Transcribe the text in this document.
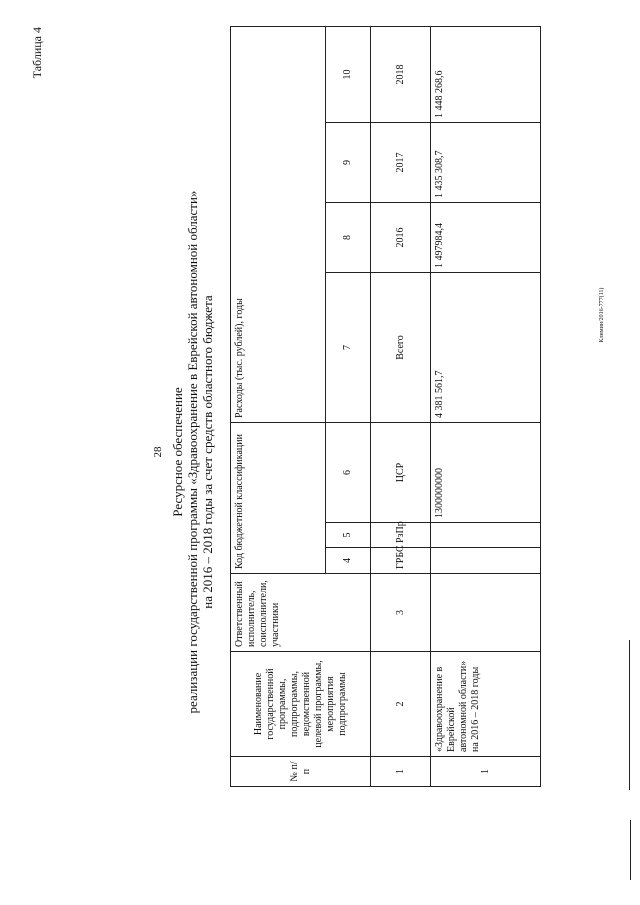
Таблица 4
28 Ресурсное обеспечение реализации государственной программы «Здравоохранение в Еврейской автономной области» на 2016 – 2018 годы за счет средств областного бюджета
№ п/п	Наименование государственной программы, подпрограммы, ведомственной целевой программы, мероприятия подпрограммы	Ответственный исполнитель, соисполнители, участники	Код бюджетной классификации			Расходы (тыс. рублей), годы			
			4	5	6	7	8	9	10
1	2	3	ГРБС	РзПр	ЦСР	Всего	2016	2017	2018
1	«Здравоохранение в Еврейской автономной области» на 2016 – 2018 годы				1300000000	4 381 561,7	1 497984,4	1 435 308,7	1 448 268,6
Клнмин/2016-777(11)
